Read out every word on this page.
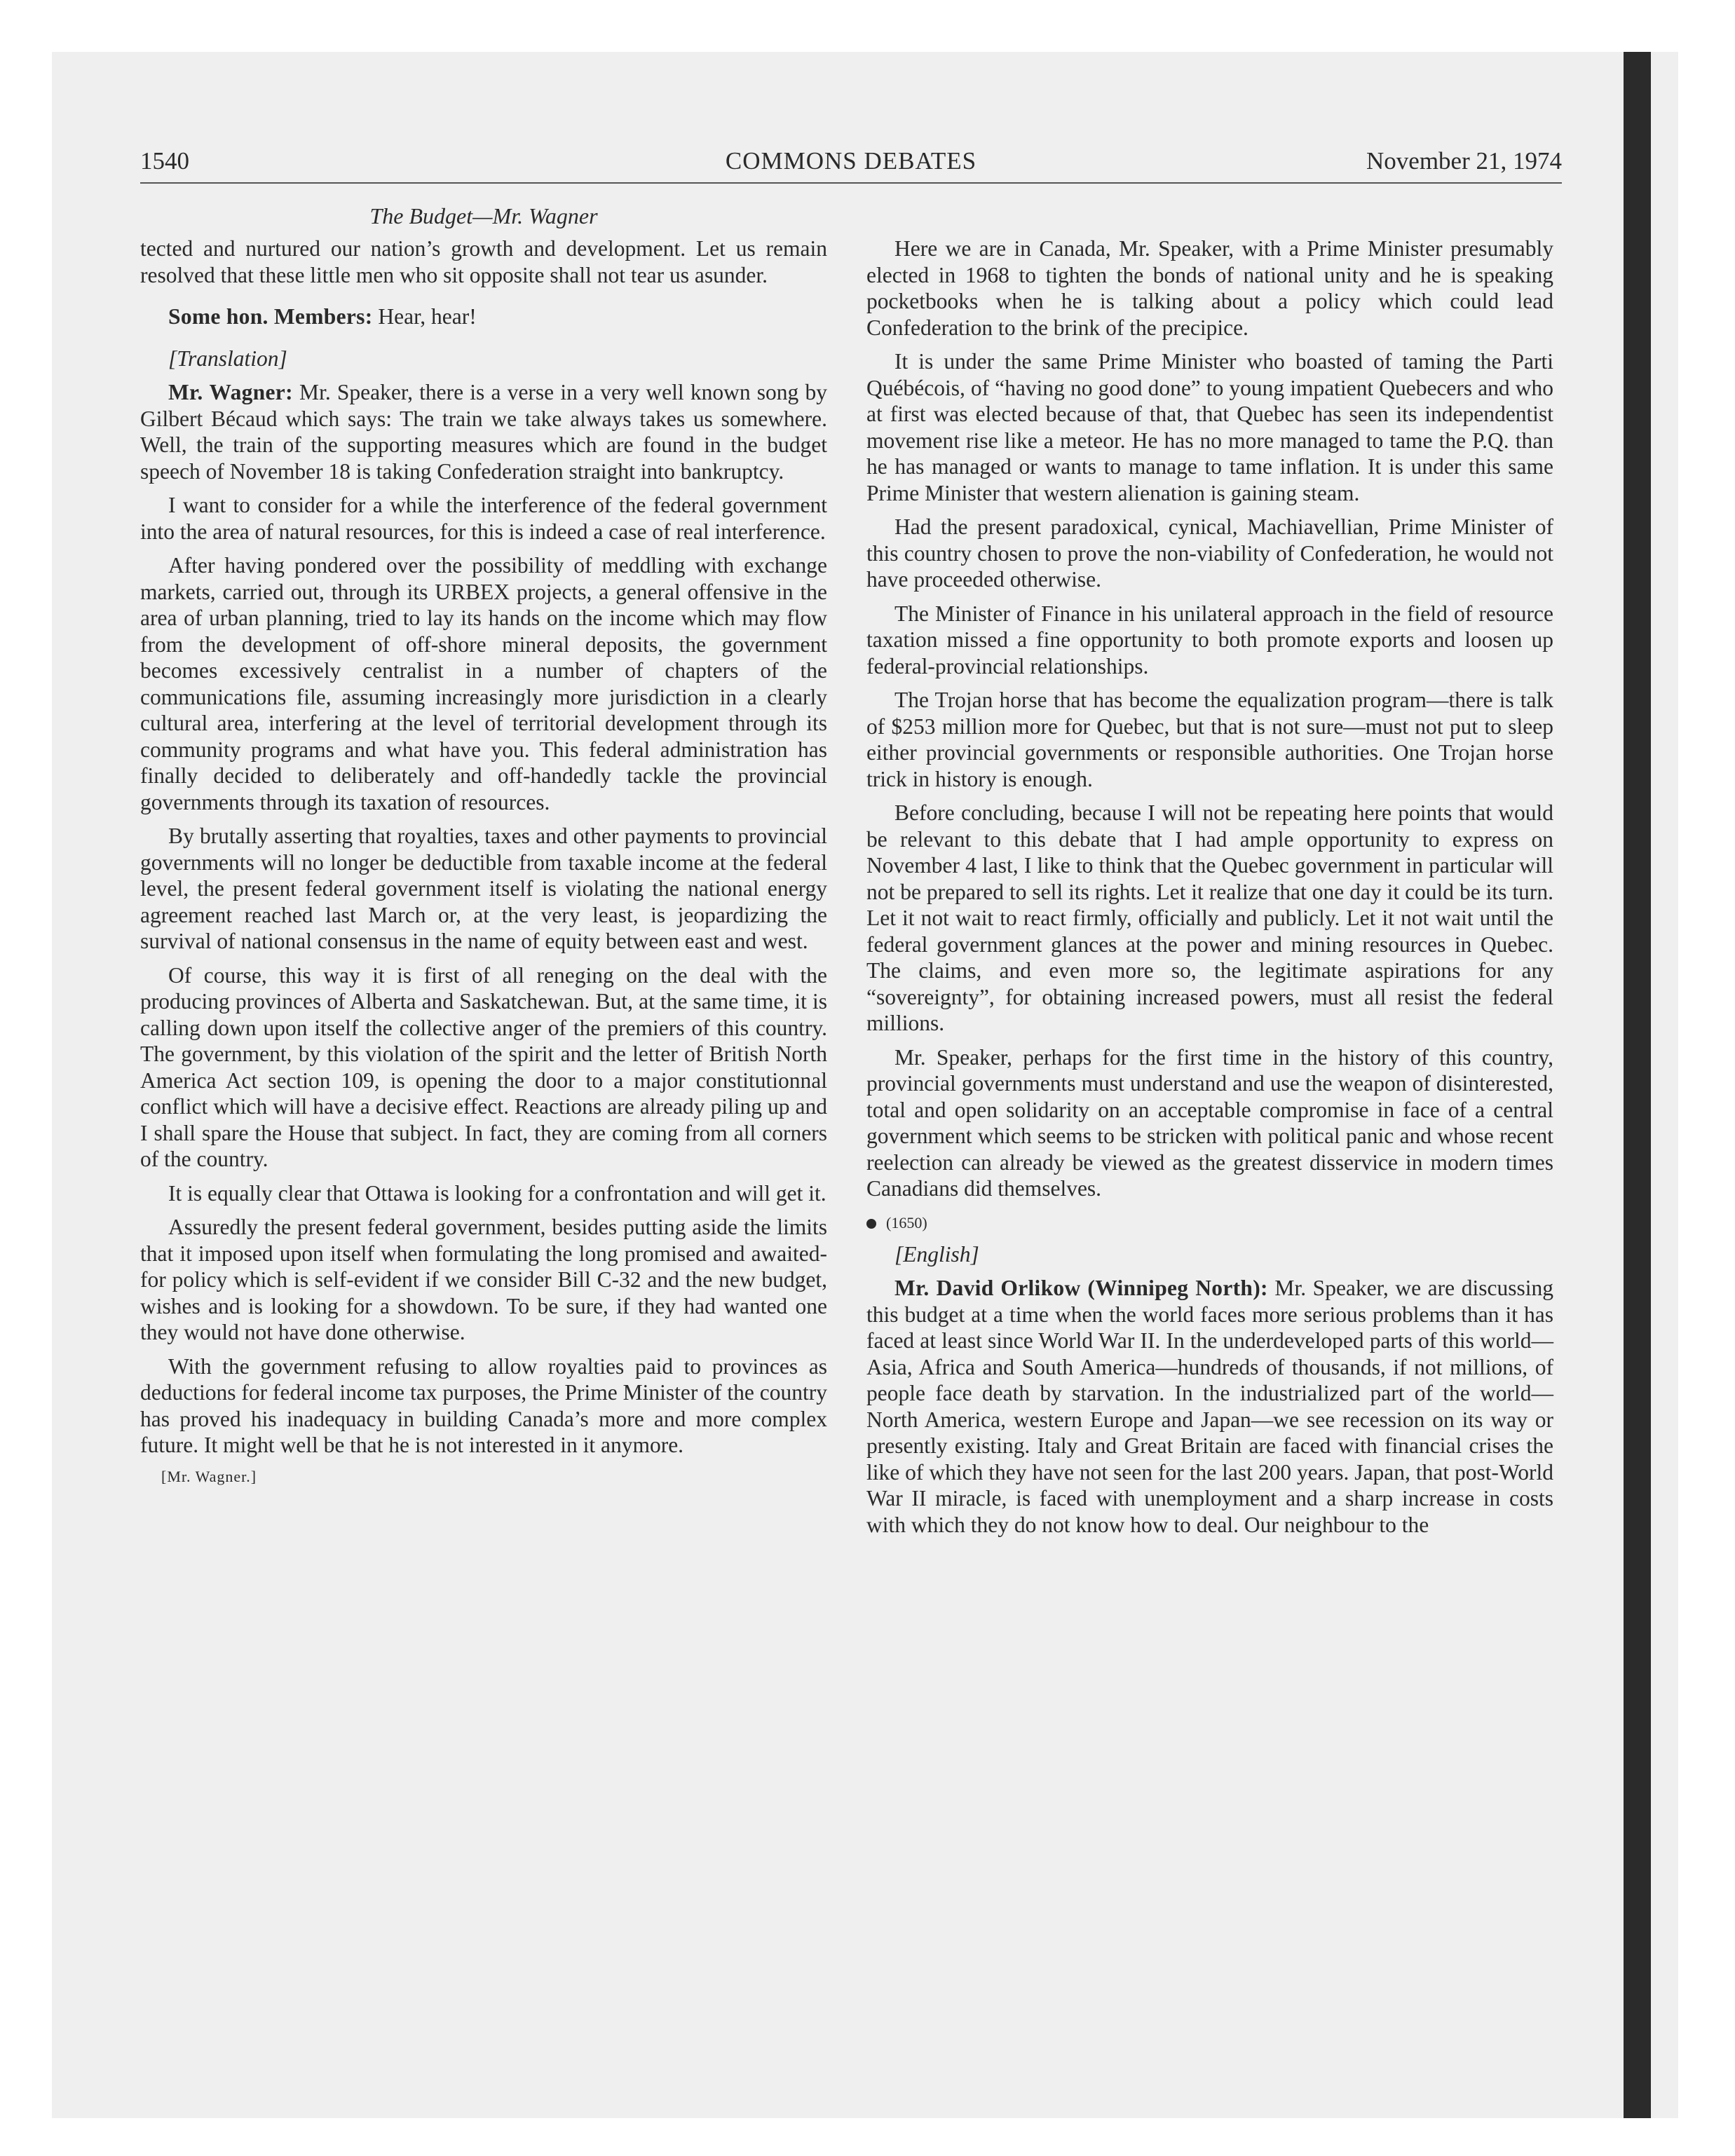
1540	COMMONS DEBATES	November 21, 1974
The Budget—Mr. Wagner

tected and nurtured our nation’s growth and development. Let us remain resolved that these little men who sit opposite shall not tear us asunder.

Some hon. Members: Hear, hear!

[Translation]

Mr. Wagner: Mr. Speaker, there is a verse in a very well known song by Gilbert Bécaud which says: The train we take always takes us somewhere. Well, the train of the supporting measures which are found in the budget speech of November 18 is taking Confederation straight into bankruptcy.

I want to consider for a while the interference of the federal government into the area of natural resources, for this is indeed a case of real interference.

After having pondered over the possibility of meddling with exchange markets, carried out, through its URBEX projects, a general offensive in the area of urban planning, tried to lay its hands on the income which may flow from the development of off-shore mineral deposits, the government becomes excessively centralist in a number of chapters of the communications file, assuming increasingly more jurisdiction in a clearly cultural area, interfering at the level of territorial development through its community programs and what have you. This federal administration has finally decided to deliberately and off-handedly tackle the provincial governments through its taxation of resources.

By brutally asserting that royalties, taxes and other payments to provincial governments will no longer be deductible from taxable income at the federal level, the present federal government itself is violating the national energy agreement reached last March or, at the very least, is jeopardizing the survival of national consensus in the name of equity between east and west.

Of course, this way it is first of all reneging on the deal with the producing provinces of Alberta and Saskatchewan. But, at the same time, it is calling down upon itself the collective anger of the premiers of this country. The government, by this violation of the spirit and the letter of British North America Act section 109, is opening the door to a major constitutionnal conflict which will have a decisive effect. Reactions are already piling up and I shall spare the House that subject. In fact, they are coming from all corners of the country.

It is equally clear that Ottawa is looking for a confrontation and will get it.

Assuredly the present federal government, besides putting aside the limits that it imposed upon itself when formulating the long promised and awaited-for policy which is self-evident if we consider Bill C-32 and the new budget, wishes and is looking for a showdown. To be sure, if they had wanted one they would not have done otherwise.

With the government refusing to allow royalties paid to provinces as deductions for federal income tax purposes, the Prime Minister of the country has proved his inadequacy in building Canada’s more and more complex future. It might well be that he is not interested in it anymore.

[Mr. Wagner.]

Here we are in Canada, Mr. Speaker, with a Prime Minister presumably elected in 1968 to tighten the bonds of national unity and he is speaking pocketbooks when he is talking about a policy which could lead Confederation to the brink of the precipice.

It is under the same Prime Minister who boasted of taming the Parti Québécois, of “having no good done” to young impatient Quebecers and who at first was elected because of that, that Quebec has seen its independentist movement rise like a meteor. He has no more managed to tame the P.Q. than he has managed or wants to manage to tame inflation. It is under this same Prime Minister that western alienation is gaining steam.

Had the present paradoxical, cynical, Machiavellian, Prime Minister of this country chosen to prove the non-viability of Confederation, he would not have proceeded otherwise.

The Minister of Finance in his unilateral approach in the field of resource taxation missed a fine opportunity to both promote exports and loosen up federal-provincial relationships.

The Trojan horse that has become the equalization program—there is talk of $253 million more for Quebec, but that is not sure—must not put to sleep either provincial governments or responsible authorities. One Trojan horse trick in history is enough.

Before concluding, because I will not be repeating here points that would be relevant to this debate that I had ample opportunity to express on November 4 last, I like to think that the Quebec government in particular will not be prepared to sell its rights. Let it realize that one day it could be its turn. Let it not wait to react firmly, officially and publicly. Let it not wait until the federal government glances at the power and mining resources in Quebec. The claims, and even more so, the legitimate aspirations for any “sovereignty”, for obtaining increased powers, must all resist the federal millions.

Mr. Speaker, perhaps for the first time in the history of this country, provincial governments must understand and use the weapon of disinterested, total and open solidarity on an acceptable compromise in face of a central government which seems to be stricken with political panic and whose recent reelection can already be viewed as the greatest disservice in modern times Canadians did themselves.

(1650)

[English]

Mr. David Orlikow (Winnipeg North): Mr. Speaker, we are discussing this budget at a time when the world faces more serious problems than it has faced at least since World War II. In the underdeveloped parts of this world—Asia, Africa and South America—hundreds of thousands, if not millions, of people face death by starvation. In the industrialized part of the world—North America, western Europe and Japan—we see recession on its way or presently existing. Italy and Great Britain are faced with financial crises the like of which they have not seen for the last 200 years. Japan, that post-World War II miracle, is faced with unemployment and a sharp increase in costs with which they do not know how to deal. Our neighbour to the
